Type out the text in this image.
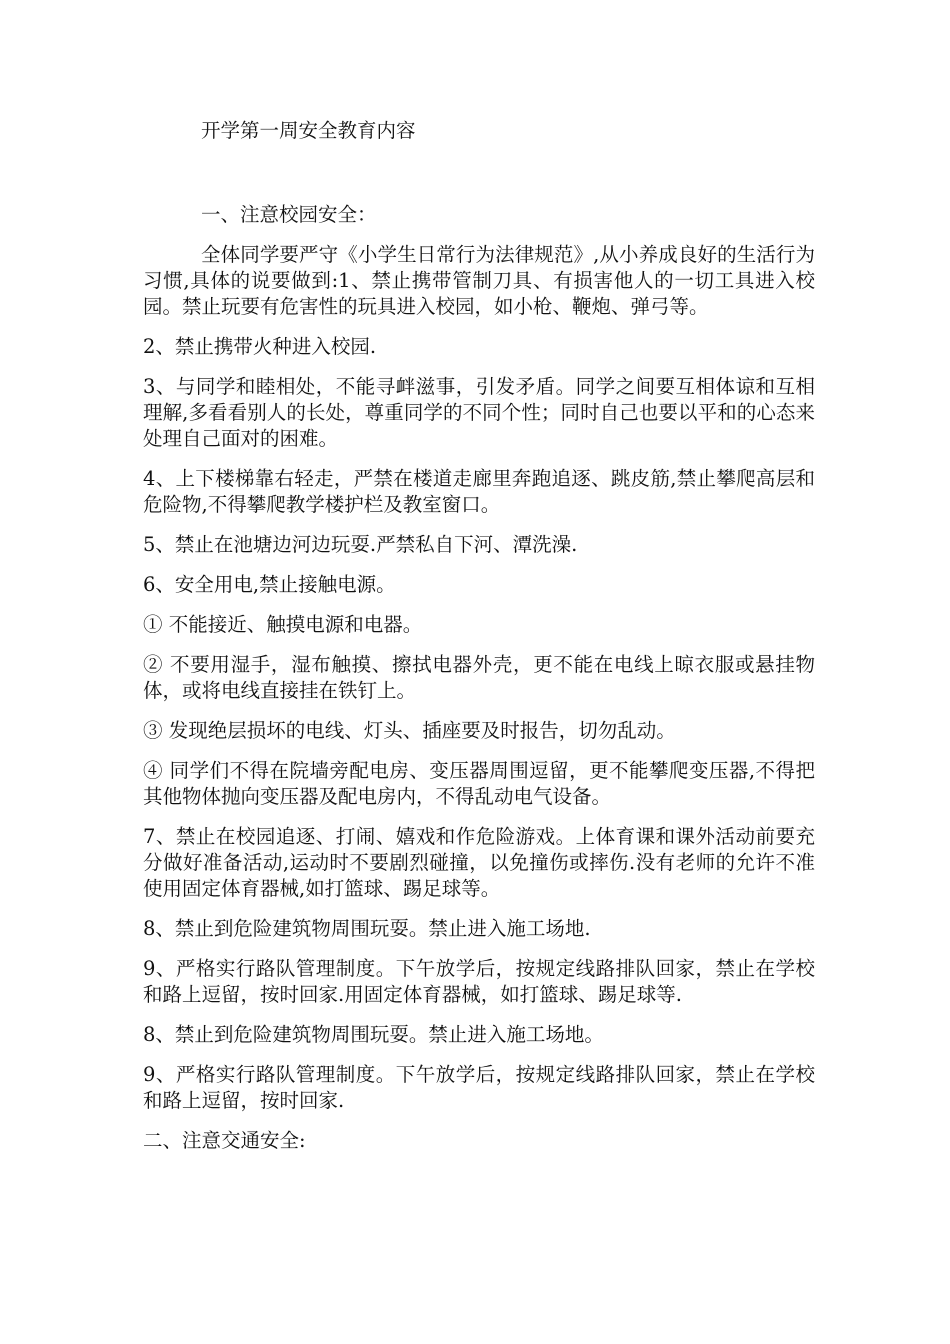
开学第一周安全教育内容

一、注意校园安全：

全体同学要严守《小学生日常行为法律规范》,从小养成良好的生活行为习惯,具体的说要做到:1、禁止携带管制刀具、有损害他人的一切工具进入校园。禁止玩要有危害性的玩具进入校园，如小枪、鞭炮、弹弓等。

2、禁止携带火种进入校园.

3、与同学和睦相处，不能寻衅滋事，引发矛盾。同学之间要互相体谅和互相理解,多看看别人的长处，尊重同学的不同个性；同时自己也要以平和的心态来处理自己面对的困难。

4、上下楼梯靠右轻走，严禁在楼道走廊里奔跑追逐、跳皮筋,禁止攀爬高层和危险物,不得攀爬教学楼护栏及教室窗口。

5、禁止在池塘边河边玩耍.严禁私自下河、潭洗澡.

6、安全用电,禁止接触电源。

① 不能接近、触摸电源和电器。

② 不要用湿手，湿布触摸、擦拭电器外壳，更不能在电线上晾衣服或悬挂物体，或将电线直接挂在铁钉上。

③ 发现绝层损坏的电线、灯头、插座要及时报告，切勿乱动。

④ 同学们不得在院墙旁配电房、变压器周围逗留，更不能攀爬变压器,不得把其他物体抛向变压器及配电房内，不得乱动电气设备。

7、禁止在校园追逐、打闹、嬉戏和作危险游戏。上体育课和课外活动前要充分做好准备活动,运动时不要剧烈碰撞，以免撞伤或摔伤.没有老师的允许不准使用固定体育器械,如打篮球、踢足球等。

8、禁止到危险建筑物周围玩耍。禁止进入施工场地.

9、严格实行路队管理制度。下午放学后，按规定线路排队回家，禁止在学校和路上逗留，按时回家.用固定体育器械，如打篮球、踢足球等.

8、禁止到危险建筑物周围玩耍。禁止进入施工场地。

9、严格实行路队管理制度。下午放学后，按规定线路排队回家，禁止在学校和路上逗留，按时回家.

二、注意交通安全:
